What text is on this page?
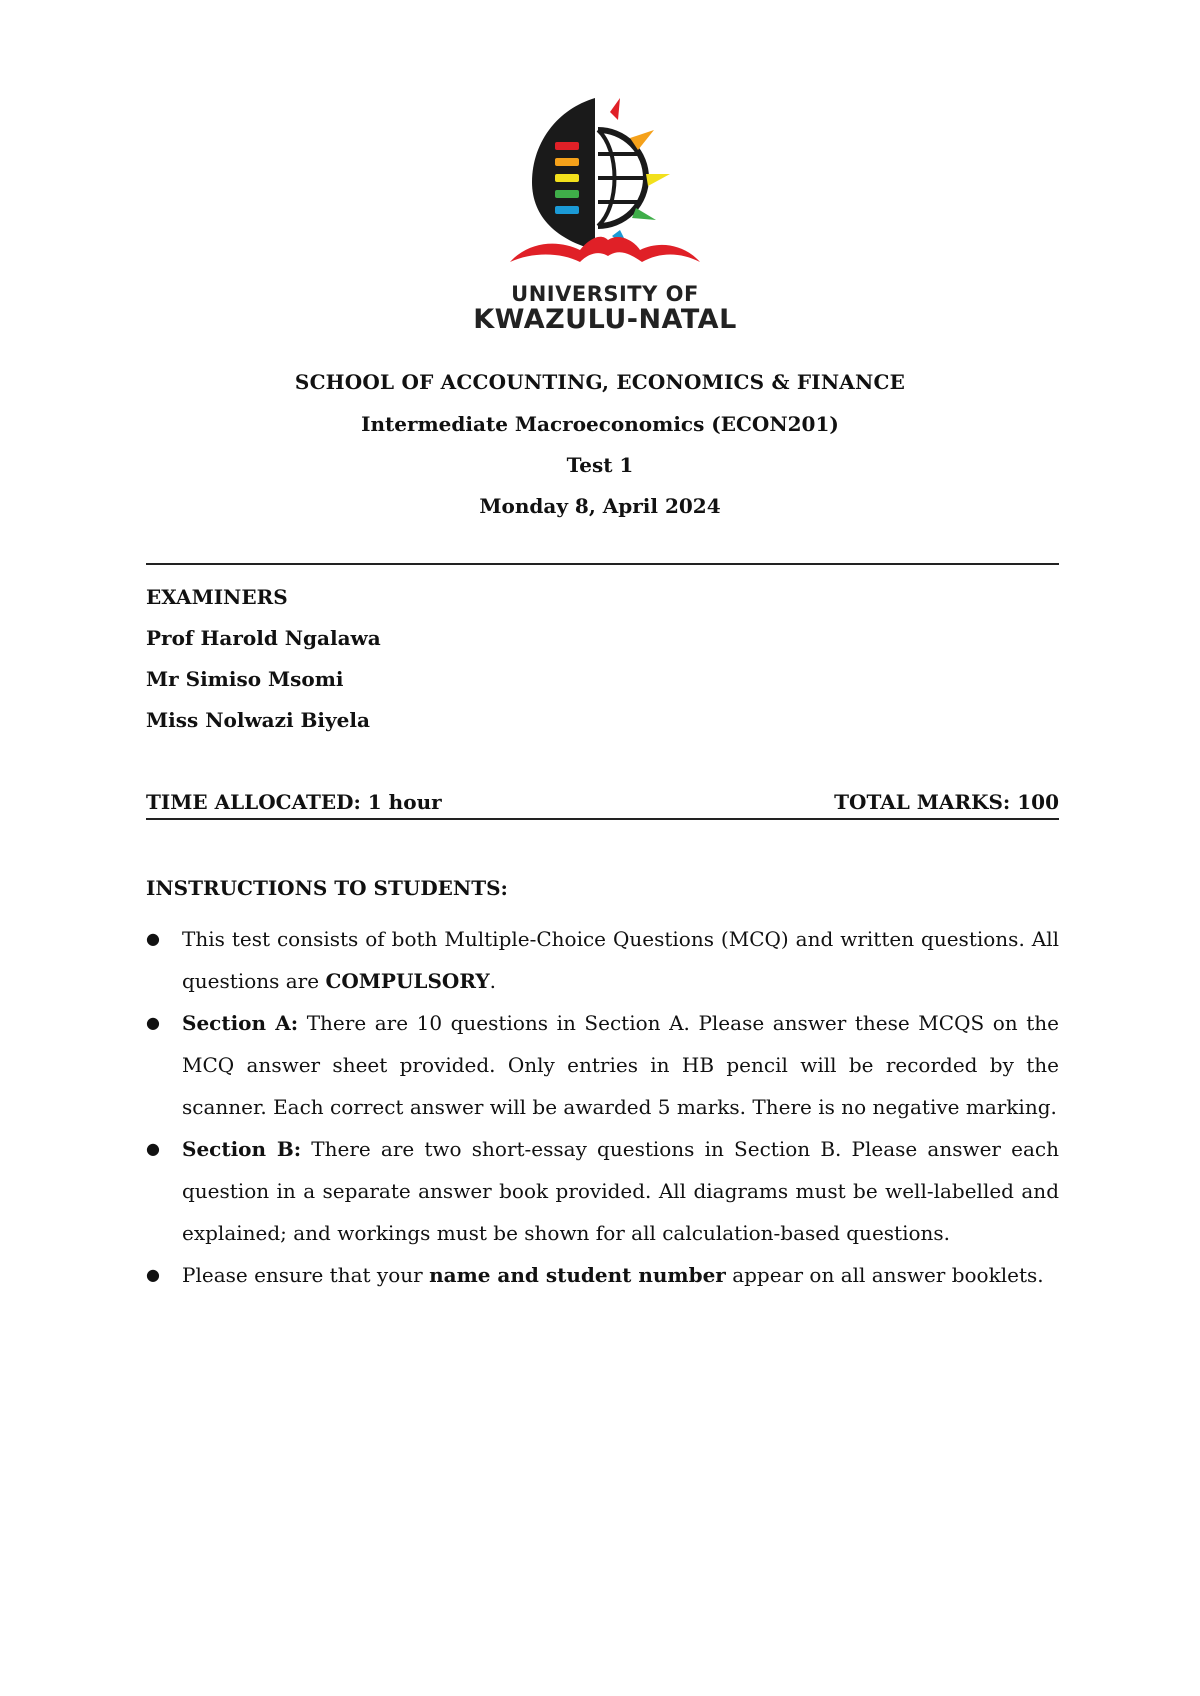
UNIVERSITY OF
KWAZULU-NATAL
SCHOOL OF ACCOUNTING, ECONOMICS & FINANCE
Intermediate Macroeconomics (ECON201)
Test 1
Monday 8, April 2024
EXAMINERS
Prof Harold Ngalawa
Mr Simiso Msomi
Miss Nolwazi Biyela
TIME ALLOCATED: 1 hour	TOTAL MARKS: 100
INSTRUCTIONS TO STUDENTS:
● This test consists of both Multiple-Choice Questions (MCQ) and written questions. All questions are COMPULSORY.
● Section A: There are 10 questions in Section A. Please answer these MCQS on the MCQ answer sheet provided. Only entries in HB pencil will be recorded by the scanner. Each correct answer will be awarded 5 marks. There is no negative marking.
● Section B: There are two short-essay questions in Section B. Please answer each question in a separate answer book provided. All diagrams must be well-labelled and explained; and workings must be shown for all calculation-based questions.
● Please ensure that your name and student number appear on all answer booklets.
